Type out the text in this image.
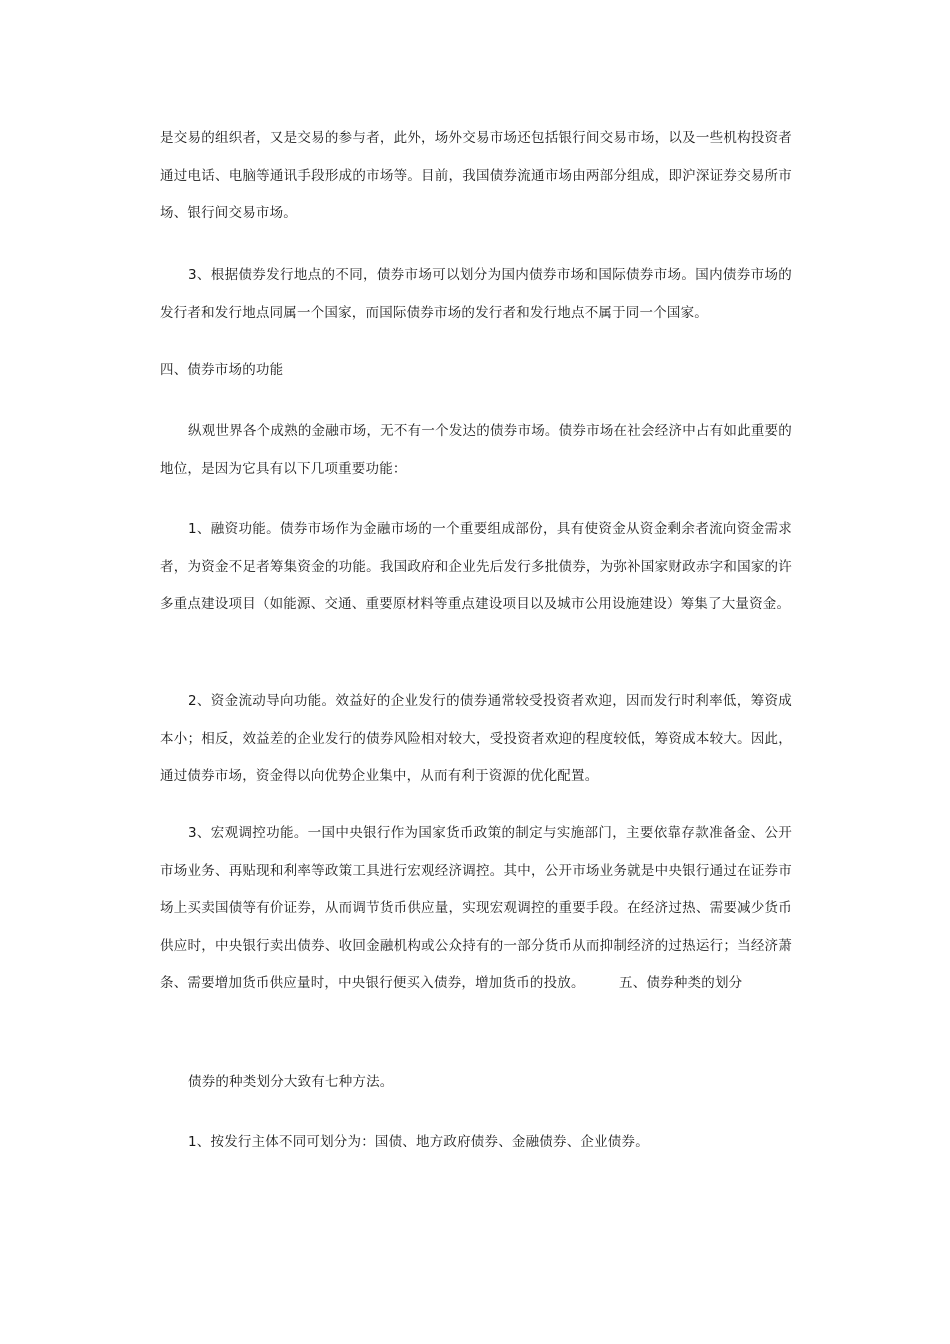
是交易的组织者，又是交易的参与者，此外，场外交易市场还包括银行间交易市场，以及一些机构投资者通过电话、电脑等通讯手段形成的市场等。目前，我国债券流通市场由两部分组成，即沪深证券交易所市场、银行间交易市场。

3、根据债券发行地点的不同，债券市场可以划分为国内债券市场和国际债券市场。国内债券市场的发行者和发行地点同属一个国家，而国际债券市场的发行者和发行地点不属于同一个国家。

四、债券市场的功能

纵观世界各个成熟的金融市场，无不有一个发达的债券市场。债券市场在社会经济中占有如此重要的地位，是因为它具有以下几项重要功能：

1、融资功能。债券市场作为金融市场的一个重要组成部份，具有使资金从资金剩余者流向资金需求者，为资金不足者筹集资金的功能。我国政府和企业先后发行多批债券，为弥补国家财政赤字和国家的许多重点建设项目（如能源、交通、重要原材料等重点建设项目以及城市公用设施建设）筹集了大量资金。

2、资金流动导向功能。效益好的企业发行的债券通常较受投资者欢迎，因而发行时利率低，筹资成本小；相反，效益差的企业发行的债券风险相对较大，受投资者欢迎的程度较低，筹资成本较大。因此，通过债券市场，资金得以向优势企业集中，从而有利于资源的优化配置。

3、宏观调控功能。一国中央银行作为国家货币政策的制定与实施部门，主要依靠存款准备金、公开市场业务、再贴现和利率等政策工具进行宏观经济调控。其中，公开市场业务就是中央银行通过在证券市场上买卖国债等有价证券，从而调节货币供应量，实现宏观调控的重要手段。在经济过热、需要减少货币供应时，中央银行卖出债券、收回金融机构或公众持有的一部分货币从而抑制经济的过热运行；当经济萧条、需要增加货币供应量时，中央银行便买入债券，增加货币的投放。　　　五、债券种类的划分

债券的种类划分大致有七种方法。

1、按发行主体不同可划分为：国债、地方政府债券、金融债券、企业债券。
